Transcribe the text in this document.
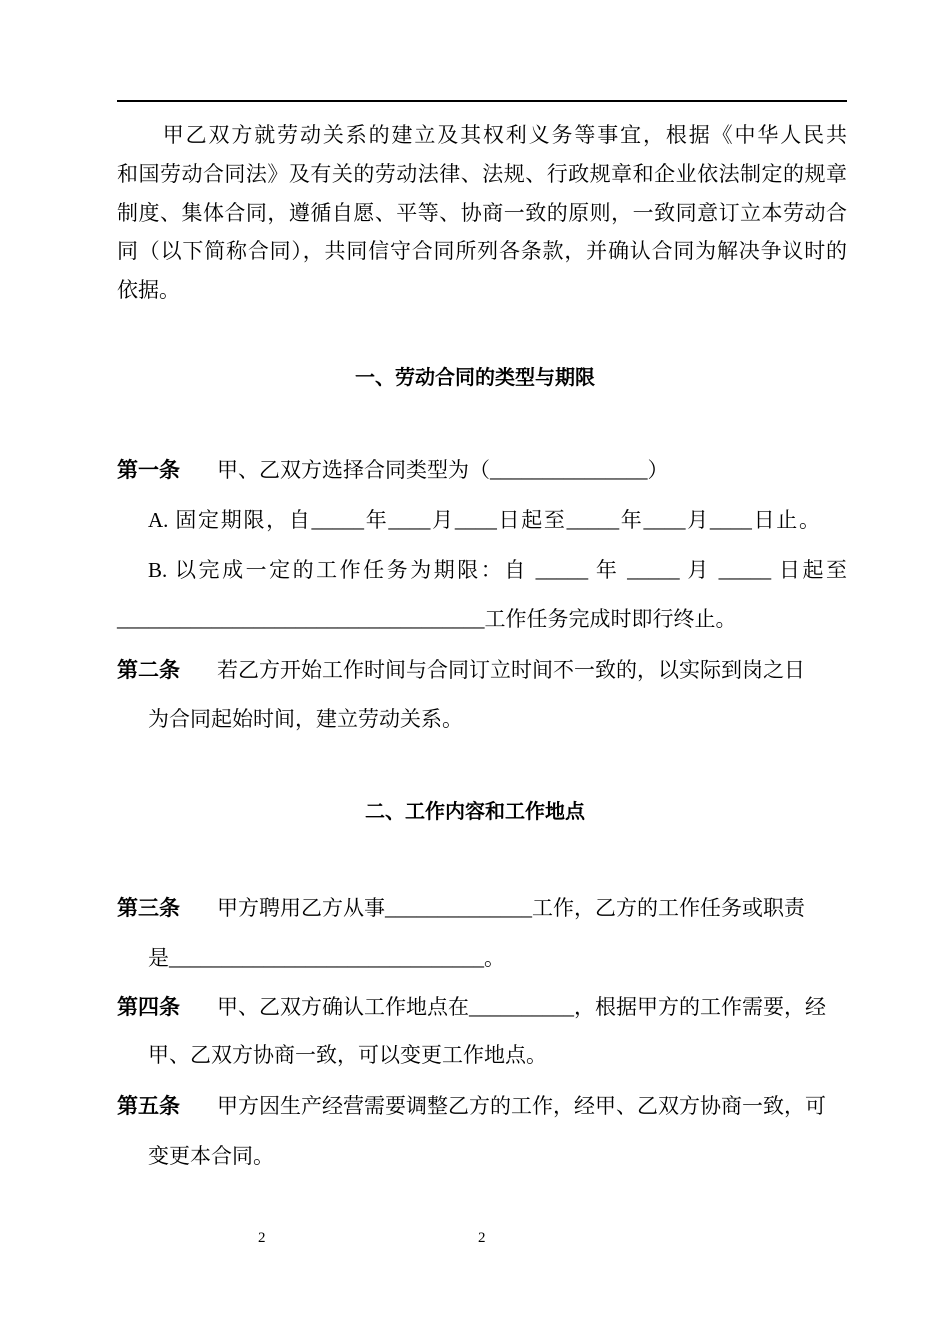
　　甲乙双方就劳动关系的建立及其权利义务等事宜，根据《中华人民共
和国劳动合同法》及有关的劳动法律、法规、行政规章和企业依法制定的规章
制度、集体合同，遵循自愿、平等、协商一致的原则，一致同意订立本劳动合
同（以下简称合同），共同信守合同所列各条款，并确认合同为解决争议时的
依据。
一、劳动合同的类型与期限
第一条 甲、乙双方选择合同类型为（_______________）
A. 固定期限，自_____年____月____日起至_____年____月____日止。
B. 以完成一定的工作任务为期限：自 _____ 年 _____ 月 _____ 日起至
___________________________________工作任务完成时即行终止。
第二条 若乙方开始工作时间与合同订立时间不一致的，以实际到岗之日
为合同起始时间，建立劳动关系。
二、工作内容和工作地点
第三条 甲方聘用乙方从事______________工作，乙方的工作任务或职责
是______________________________。
第四条 甲、乙双方确认工作地点在__________，根据甲方的工作需要，经
甲、乙双方协商一致，可以变更工作地点。
第五条 甲方因生产经营需要调整乙方的工作，经甲、乙双方协商一致，可
变更本合同。
2	2
